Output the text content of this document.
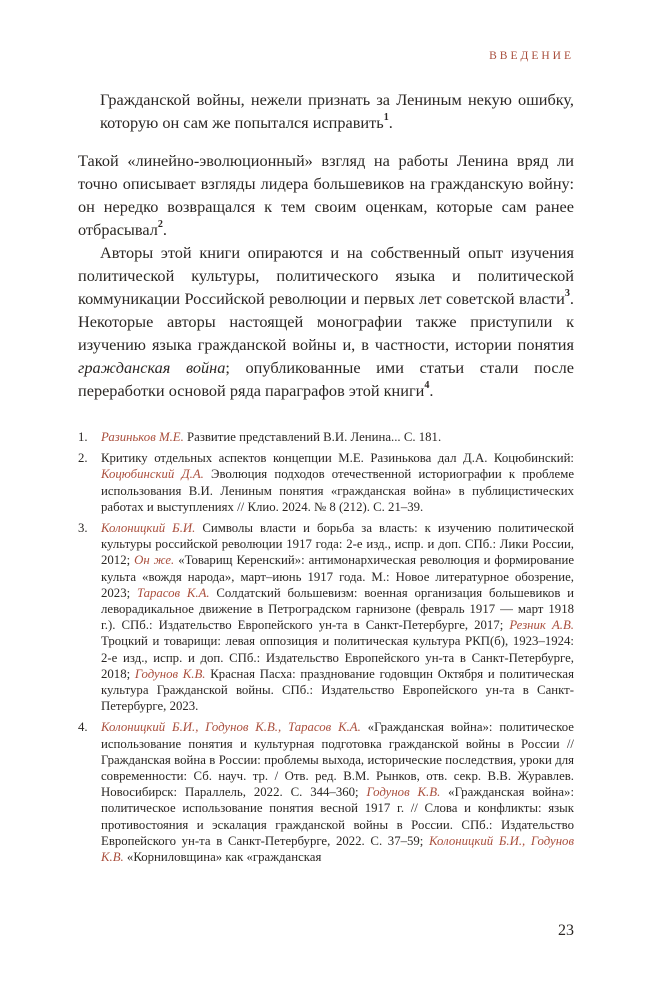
ВВЕДЕНИЕ

Гражданской войны, нежели признать за Лениным некую ошибку, которую он сам же попытался исправить$^1$.

Такой «линейно-эволюционный» взгляд на работы Ленина вряд ли точно описывает взгляды лидера большевиков на гражданскую войну: он нередко возвращался к тем своим оценкам, которые сам ранее отбрасывал$^2$.

Авторы этой книги опираются и на собственный опыт изучения политической культуры, политического языка и политической коммуникации Российской революции и первых лет советской власти$^3$. Некоторые авторы настоящей монографии также приступили к изучению языка гражданской войны и, в частности, истории понятия гражданская война; опубликованные ими статьи стали после переработки основой ряда параграфов этой книги$^4$.

1. Разиньков М.Е. Развитие представлений В.И. Ленина... С. 181.
2. Критику отдельных аспектов концепции М.Е. Разинькова дал Д.А. Коцюбинский: Коцюбинский Д.А. Эволюция подходов отечественной историографии к проблеме использования В.И. Лениным понятия «гражданская война» в публицистических работах и выступлениях // Клио. 2024. № 8 (212). С. 21–39.
3. Колоницкий Б.И. Символы власти и борьба за власть: к изучению политической культуры российской революции 1917 года: 2-е изд., испр. и доп. СПб.: Лики России, 2012; Он же. «Товарищ Керенский»: антимонархическая революция и формирование культа «вождя народа», март–июнь 1917 года. М.: Новое литературное обозрение, 2023; Тарасов К.А. Солдатский большевизм: военная организация большевиков и леворадикальное движение в Петроградском гарнизоне (февраль 1917 — март 1918 г.). СПб.: Издательство Европейского ун-та в Санкт-Петербурге, 2017; Резник А.В. Троцкий и товарищи: левая оппозиция и политическая культура РКП(б), 1923–1924: 2-е изд., испр. и доп. СПб.: Издательство Европейского ун-та в Санкт-Петербурге, 2018; Годунов К.В. Красная Пасха: празднование годовщин Октября и политическая культура Гражданской войны. СПб.: Издательство Европейского ун-та в Санкт-Петербурге, 2023.
4. Колоницкий Б.И., Годунов К.В., Тарасов К.А. «Гражданская война»: политическое использование понятия и культурная подготовка гражданской войны в России // Гражданская война в России: проблемы выхода, исторические последствия, уроки для современности: Сб. науч. тр. / Отв. ред. В.М. Рынков, отв. секр. В.В. Журавлев. Новосибирск: Параллель, 2022. С. 344–360; Годунов К.В. «Гражданская война»: политическое использование понятия весной 1917 г. // Слова и конфликты: язык противостояния и эскалация гражданской войны в России. СПб.: Издательство Европейского ун-та в Санкт-Петербурге, 2022. С. 37–59; Колоницкий Б.И., Годунов К.В. «Корниловщина» как «гражданская
23
